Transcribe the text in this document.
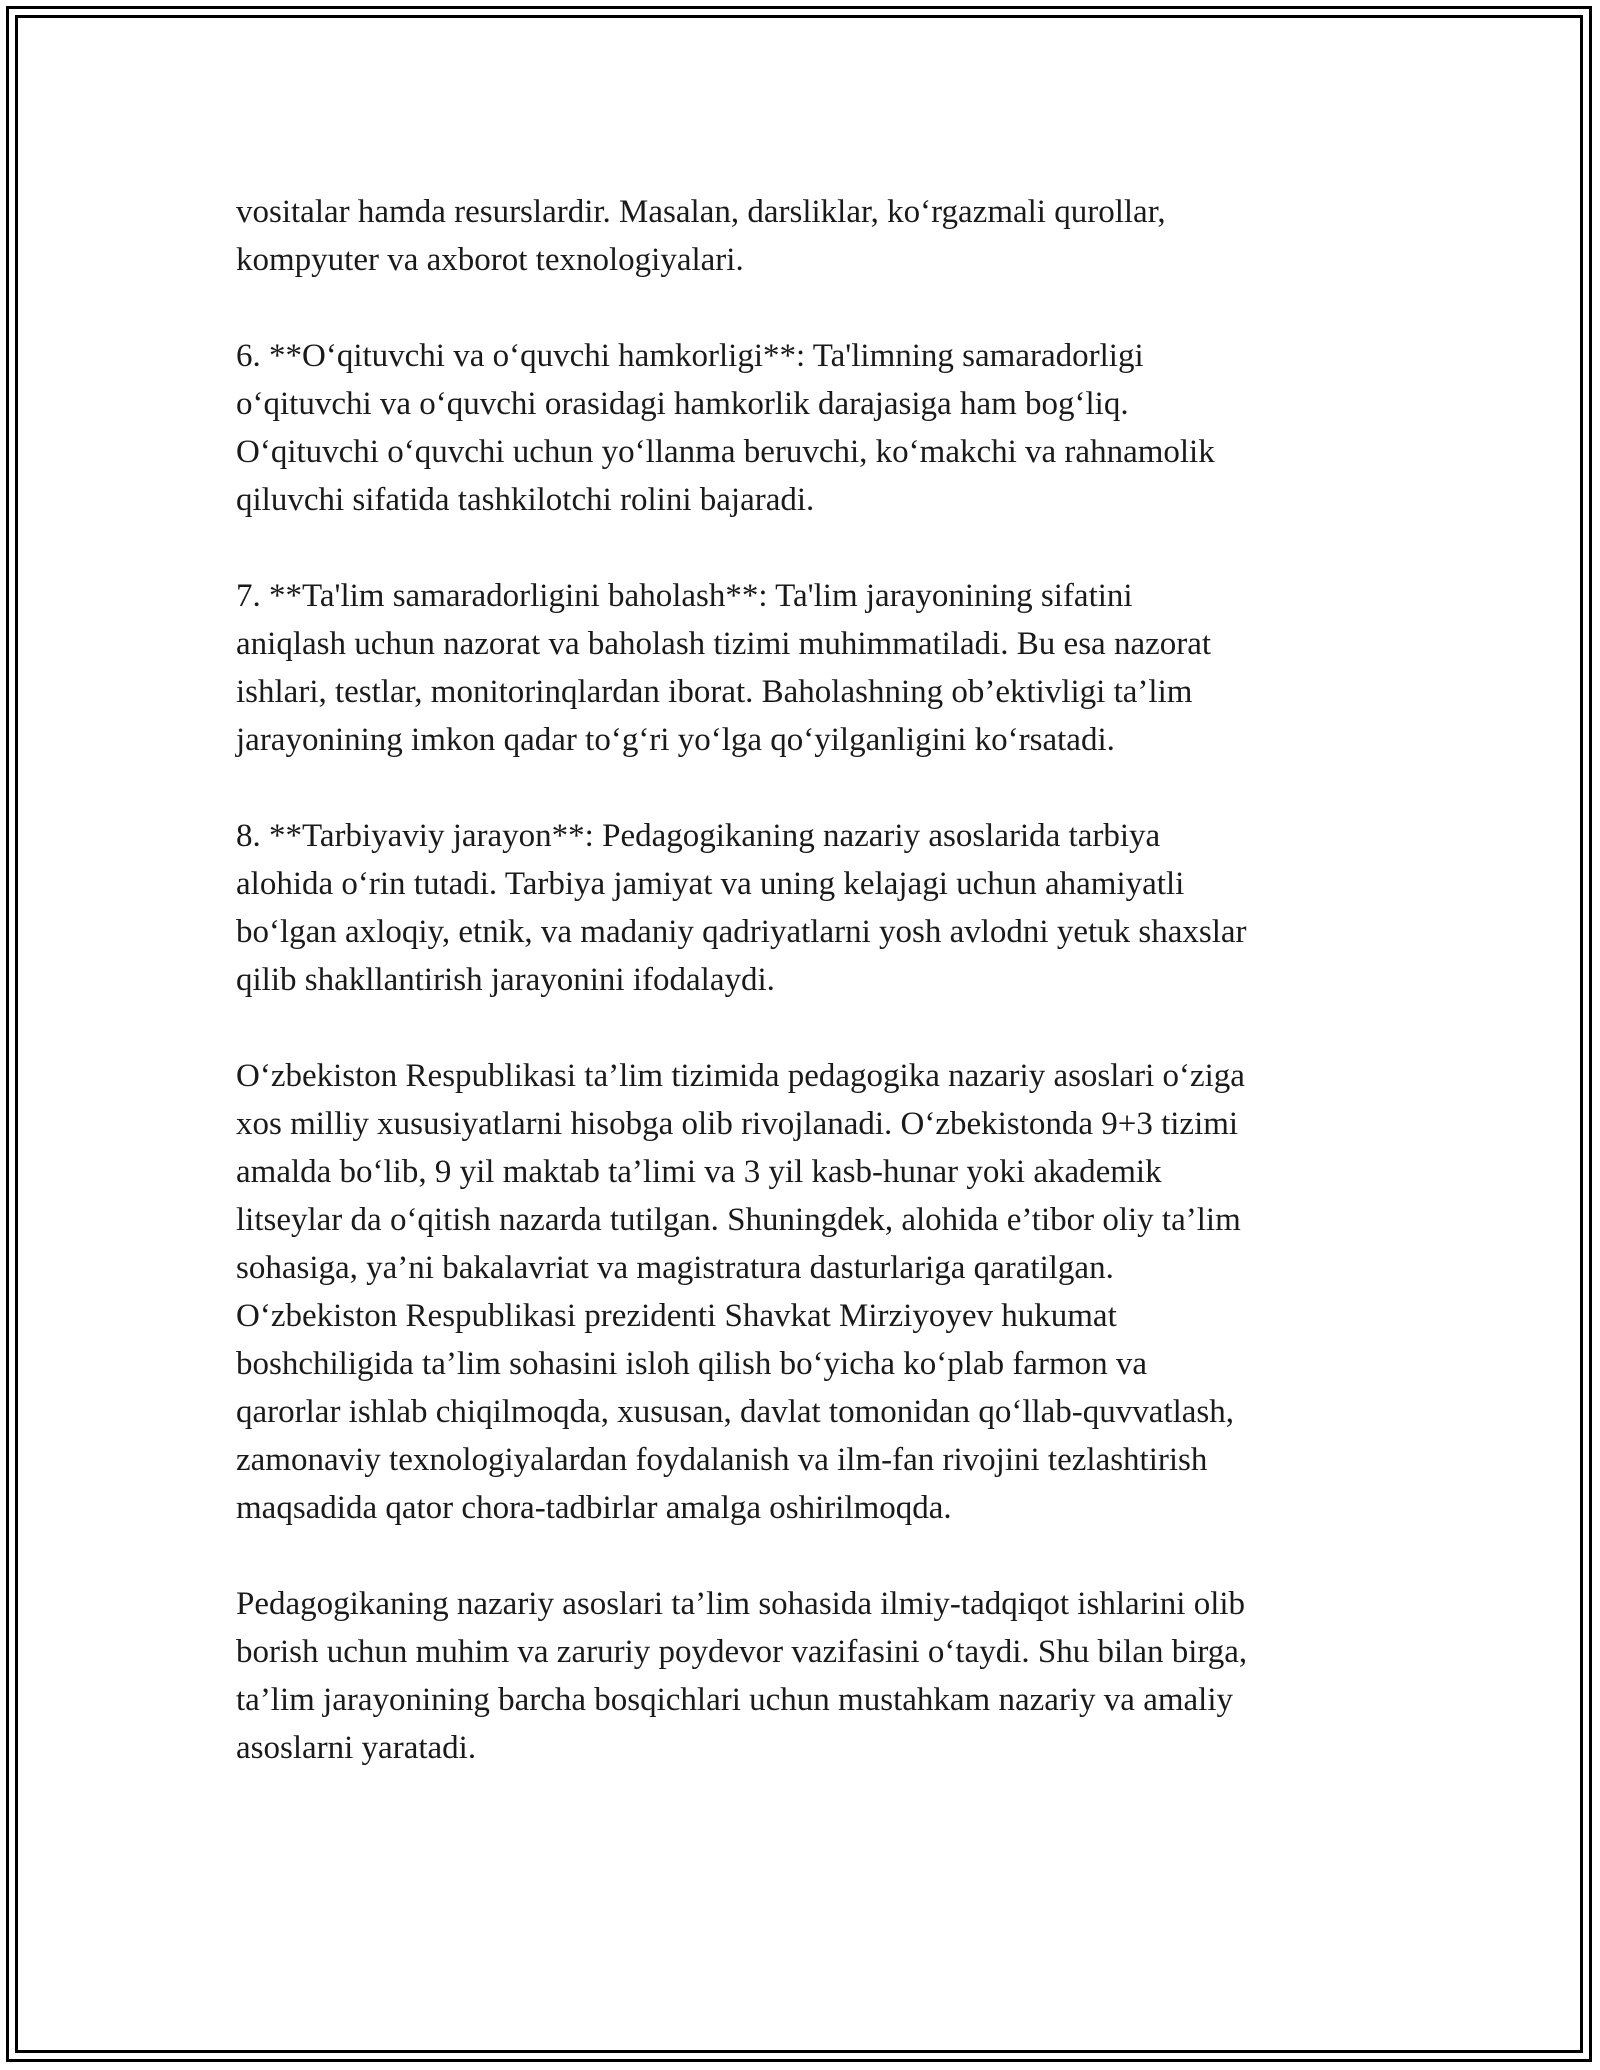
vositalar hamda resurslardir. Masalan, darsliklar, ko‘rgazmali qurollar,
kompyuter va axborot texnologiyalari.

6. **O‘qituvchi va o‘quvchi hamkorligi**: Ta'limning samaradorligi
o‘qituvchi va o‘quvchi orasidagi hamkorlik darajasiga ham bog‘liq.
O‘qituvchi o‘quvchi uchun yo‘llanma beruvchi, ko‘makchi va rahnamolik
qiluvchi sifatida tashkilotchi rolini bajaradi.

7. **Ta'lim samaradorligini baholash**: Ta'lim jarayonining sifatini
aniqlash uchun nazorat va baholash tizimi muhimmatiladi. Bu esa nazorat
ishlari, testlar, monitorinqlardan iborat. Baholashning ob’ektivligi ta’lim
jarayonining imkon qadar to‘g‘ri yo‘lga qo‘yilganligini ko‘rsatadi.

8. **Tarbiyaviy jarayon**: Pedagogikaning nazariy asoslarida tarbiya
alohida o‘rin tutadi. Tarbiya jamiyat va uning kelajagi uchun ahamiyatli
bo‘lgan axloqiy, etnik, va madaniy qadriyatlarni yosh avlodni yetuk shaxslar
qilib shakllantirish jarayonini ifodalaydi.

O‘zbekiston Respublikasi ta’lim tizimida pedagogika nazariy asoslari o‘ziga
xos milliy xususiyatlarni hisobga olib rivojlanadi. O‘zbekistonda 9+3 tizimi
amalda bo‘lib, 9 yil maktab ta’limi va 3 yil kasb-hunar yoki akademik
litseylar da o‘qitish nazarda tutilgan. Shuningdek, alohida e’tibor oliy ta’lim
sohasiga, ya’ni bakalavriat va magistratura dasturlariga qaratilgan.
O‘zbekiston Respublikasi prezidenti Shavkat Mirziyoyev hukumat
boshchiligida ta’lim sohasini isloh qilish bo‘yicha ko‘plab farmon va
qarorlar ishlab chiqilmoqda, xususan, davlat tomonidan qo‘llab-quvvatlash,
zamonaviy texnologiyalardan foydalanish va ilm-fan rivojini tezlashtirish
maqsadida qator chora-tadbirlar amalga oshirilmoqda.

Pedagogikaning nazariy asoslari ta’lim sohasida ilmiy-tadqiqot ishlarini olib
borish uchun muhim va zaruriy poydevor vazifasini o‘taydi. Shu bilan birga,
ta’lim jarayonining barcha bosqichlari uchun mustahkam nazariy va amaliy
asoslarni yaratadi.
